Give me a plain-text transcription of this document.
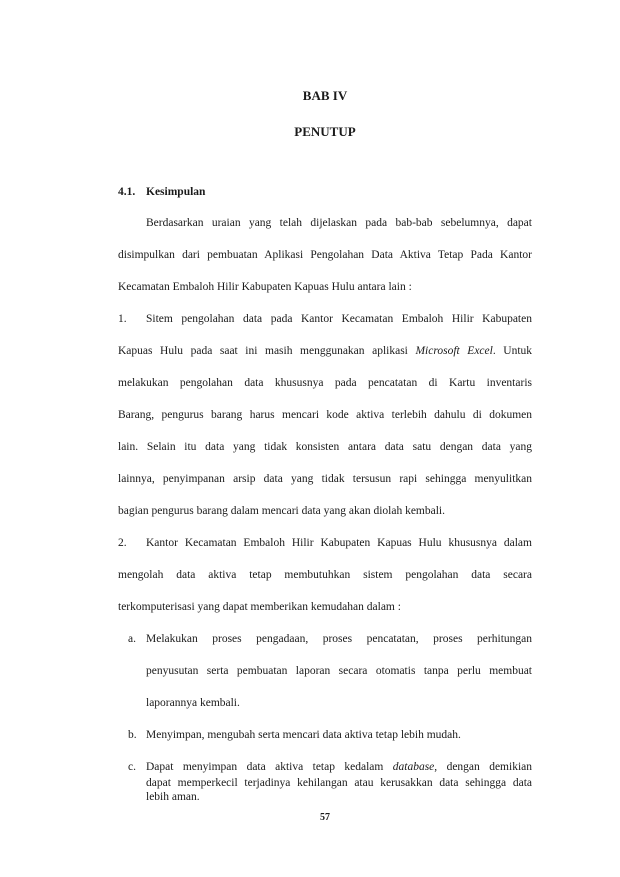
BAB IV
PENUTUP
4.1. Kesimpulan
Berdasarkan uraian yang telah dijelaskan pada bab-bab sebelumnya, dapat
disimpulkan dari pembuatan Aplikasi Pengolahan Data Aktiva Tetap Pada Kantor
Kecamatan Embaloh Hilir Kabupaten Kapuas Hulu antara lain :
1.	Sitem pengolahan data pada Kantor Kecamatan Embaloh Hilir Kabupaten
Kapuas Hulu pada saat ini masih menggunakan aplikasi Microsoft Excel. Untuk
melakukan pengolahan data khususnya pada pencatatan di Kartu inventaris
Barang, pengurus barang harus mencari kode aktiva terlebih dahulu di dokumen
lain. Selain itu data yang tidak konsisten antara data satu dengan data yang
lainnya, penyimpanan arsip data yang tidak tersusun rapi sehingga menyulitkan
bagian pengurus barang dalam mencari data yang akan diolah kembali.
2.	Kantor Kecamatan Embaloh Hilir Kabupaten Kapuas Hulu khususnya dalam
mengolah data aktiva tetap membutuhkan sistem pengolahan data secara
terkomputerisasi yang dapat memberikan kemudahan dalam :
a. Melakukan proses pengadaan, proses pencatatan, proses perhitungan
penyusutan serta pembuatan laporan secara otomatis tanpa perlu membuat
laporannya kembali.
b. Menyimpan, mengubah serta mencari data aktiva tetap lebih mudah.
c. Dapat menyimpan data aktiva tetap kedalam database, dengan demikian
57
dapat memperkecil terjadinya kehilangan atau kerusakkan data sehingga data
lebih aman.
